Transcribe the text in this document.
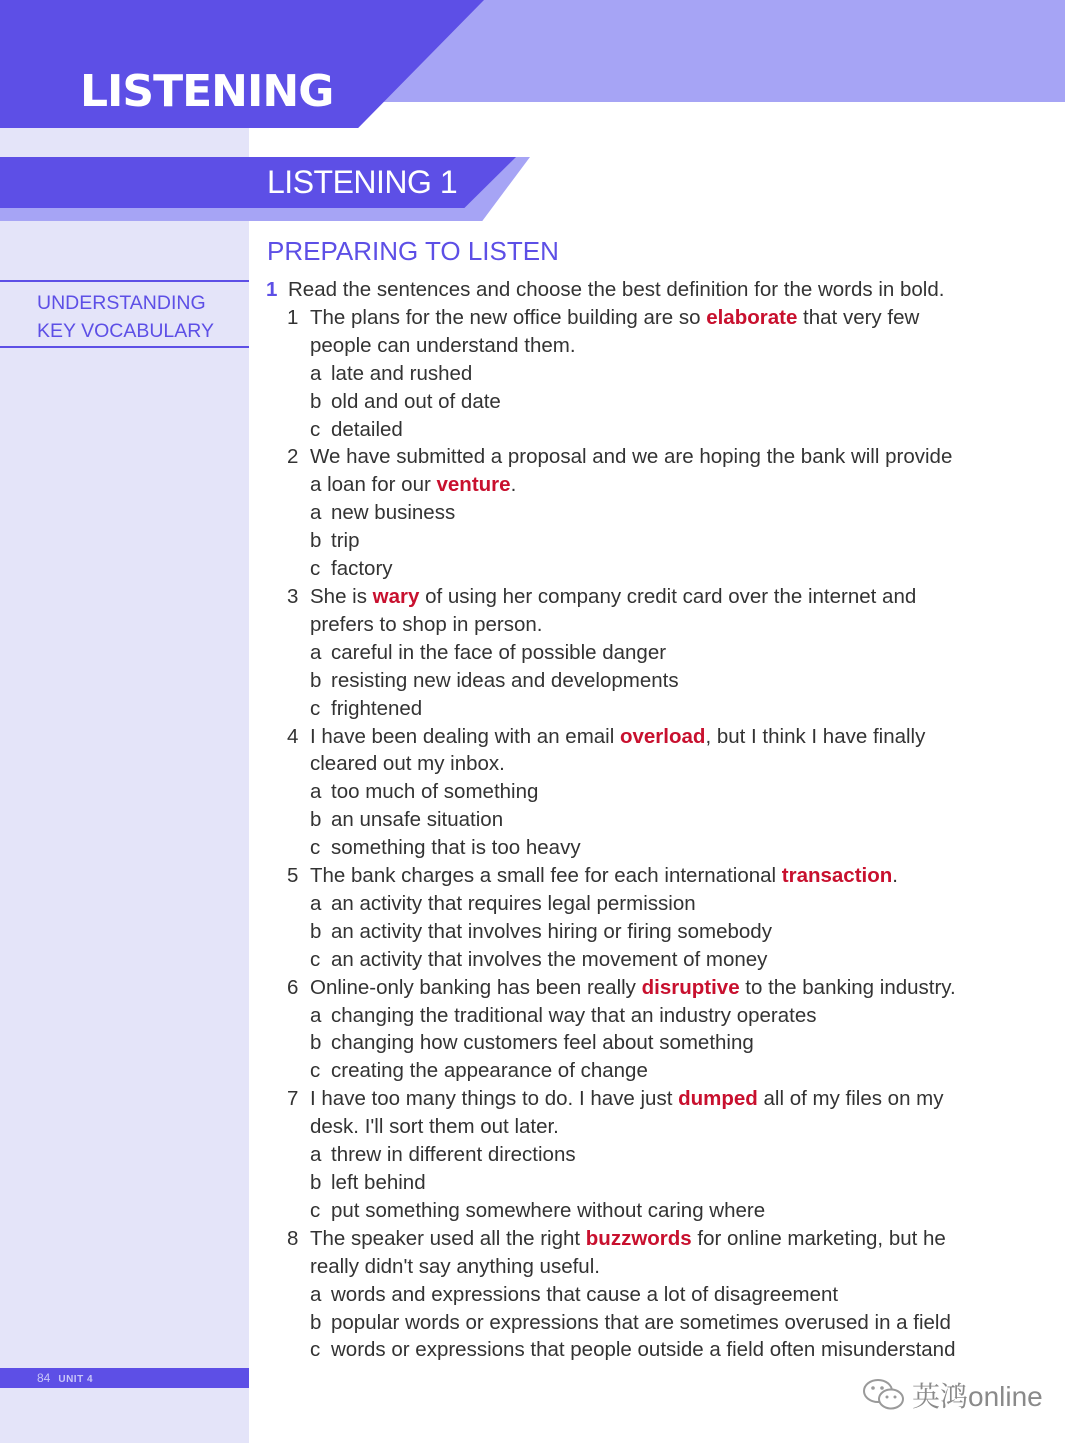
LISTENING
LISTENING 1
PREPARING TO LISTEN
UNDERSTANDING
KEY VOCABULARY
1 Read the sentences and choose the best definition for the words in bold.
1 The plans for the new office building are so elaborate that very few
people can understand them.
a late and rushed
b old and out of date
c detailed
2 We have submitted a proposal and we are hoping the bank will provide
a loan for our venture.
a new business
b trip
c factory
3 She is wary of using her company credit card over the internet and
prefers to shop in person.
a careful in the face of possible danger
b resisting new ideas and developments
c frightened
4 I have been dealing with an email overload, but I think I have finally
cleared out my inbox.
a too much of something
b an unsafe situation
c something that is too heavy
5 The bank charges a small fee for each international transaction.
a an activity that requires legal permission
b an activity that involves hiring or firing somebody
c an activity that involves the movement of money
6 Online-only banking has been really disruptive to the banking industry.
a changing the traditional way that an industry operates
b changing how customers feel about something
c creating the appearance of change
7 I have too many things to do. I have just dumped all of my files on my
desk. I'll sort them out later.
a threw in different directions
b left behind
c put something somewhere without caring where
8 The speaker used all the right buzzwords for online marketing, but he
really didn't say anything useful.
a words and expressions that cause a lot of disagreement
b popular words or expressions that are sometimes overused in a field
c words or expressions that people outside a field often misunderstand
84 UNIT 4
英鸿online
